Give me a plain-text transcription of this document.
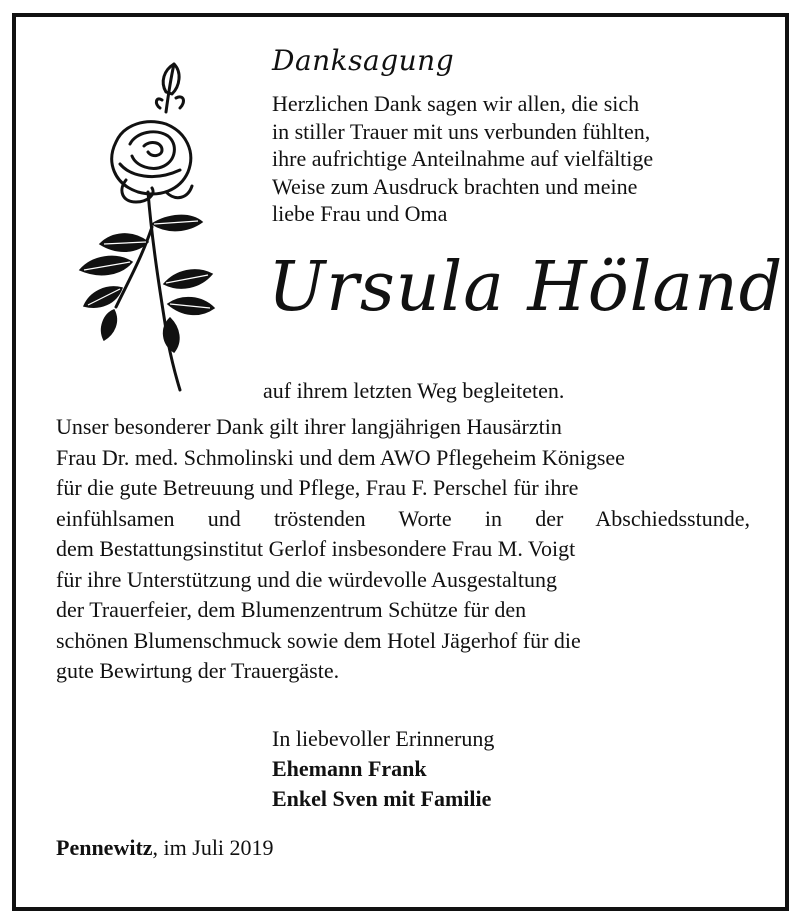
Danksagung
Herzlichen Dank sagen wir allen, die sich
in stiller Trauer mit uns verbunden fühlten,
ihre aufrichtige Anteilnahme auf vielfältige
Weise zum Ausdruck brachten und meine
liebe Frau und Oma
Ursula Höland
auf ihrem letzten Weg begleiteten.
Unser besonderer Dank gilt ihrer langjährigen Hausärztin
Frau Dr. med. Schmolinski und dem AWO Pflegeheim Königsee
für die gute Betreuung und Pflege, Frau F. Perschel für ihre
einfühlsamen und tröstenden Worte in der Abschiedsstunde,
dem Bestattungsinstitut Gerlof insbesondere Frau M. Voigt
für ihre Unterstützung und die würdevolle Ausgestaltung
der Trauerfeier, dem Blumenzentrum Schütze für den
schönen Blumenschmuck sowie dem Hotel Jägerhof für die
gute Bewirtung der Trauergäste.
In liebevoller Erinnerung
Ehemann Frank
Enkel Sven mit Familie
Pennewitz, im Juli 2019
